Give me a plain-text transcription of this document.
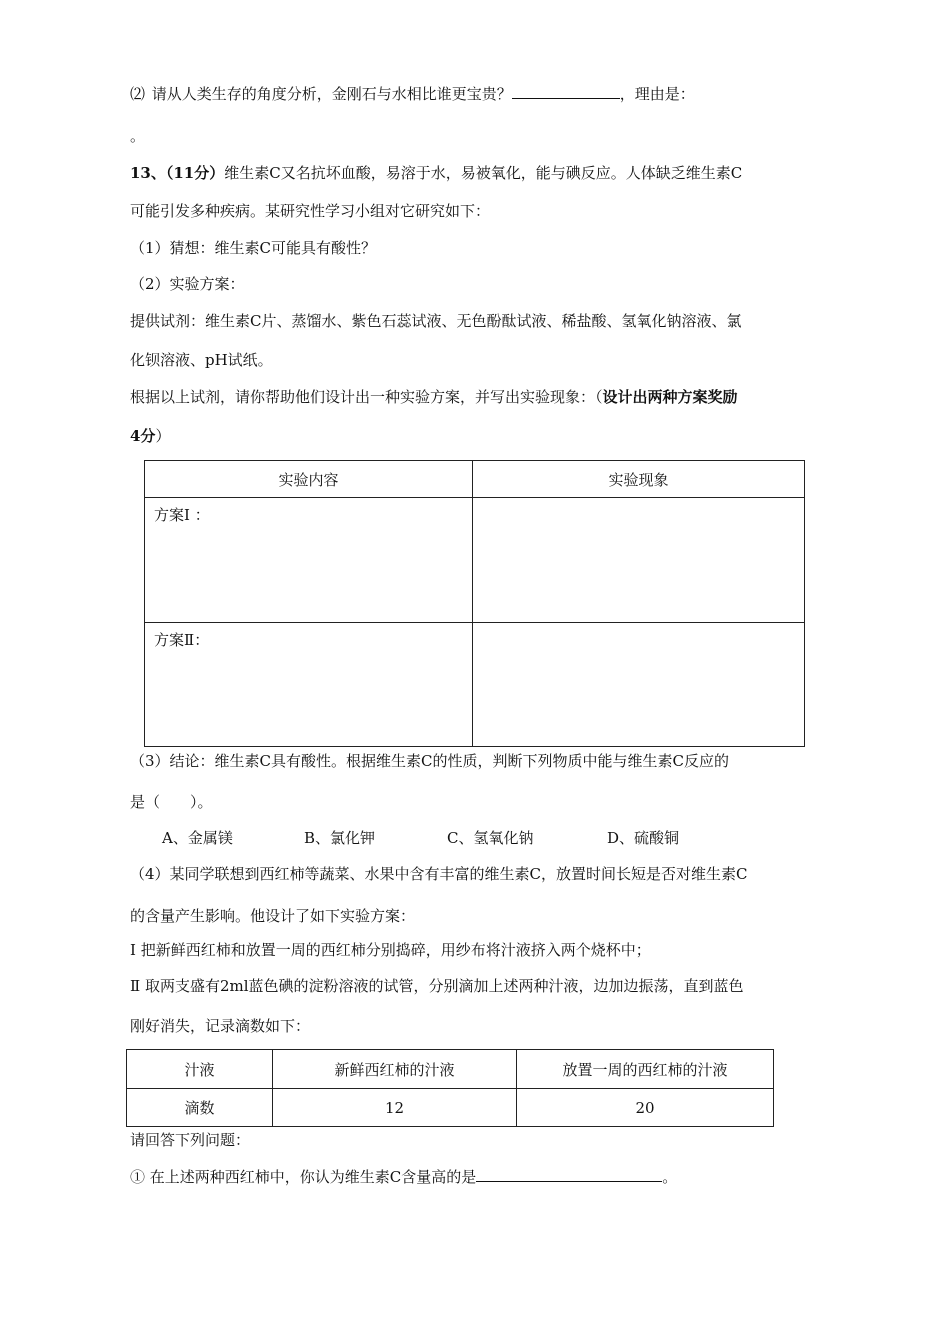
⑵ 请从人类生存的角度分析，金刚石与水相比谁更宝贵？	，理由是：
。
13、（11分）维生素C又名抗坏血酸，易溶于水，易被氧化，能与碘反应。人体缺乏维生素C
可能引发多种疾病。某研究性学习小组对它研究如下：
（1）猜想：维生素C可能具有酸性？
（2）实验方案：
提供试剂：维生素C片、蒸馏水、紫色石蕊试液、无色酚酞试液、稀盐酸、氢氧化钠溶液、氯
化钡溶液、pH试纸。
根据以上试剂，请你帮助他们设计出一种实验方案，并写出实验现象：（设计出两种方案奖励
4分）
实验内容	实验现象

方案Ⅰ ：	

方案Ⅱ：	

（3）结论：维生素C具有酸性。根据维生素C的性质，判断下列物质中能与维生素C反应的
是（　　）。
A、金属镁	B、氯化钾	C、氢氧化钠	D、硫酸铜
（4）某同学联想到西红柿等蔬菜、水果中含有丰富的维生素C，放置时间长短是否对维生素C
的含量产生影响。他设计了如下实验方案：
Ⅰ 把新鲜西红柿和放置一周的西红柿分别捣碎，用纱布将汁液挤入两个烧杯中；
Ⅱ 取两支盛有2ml蓝色碘的淀粉溶液的试管，分别滴加上述两种汁液，边加边振荡，直到蓝色
刚好消失，记录滴数如下：
汁液	新鲜西红柿的汁液	放置一周的西红柿的汁液
滴数	12	20
请回答下列问题：
① 在上述两种西红柿中，你认为维生素C含量高的是	。
